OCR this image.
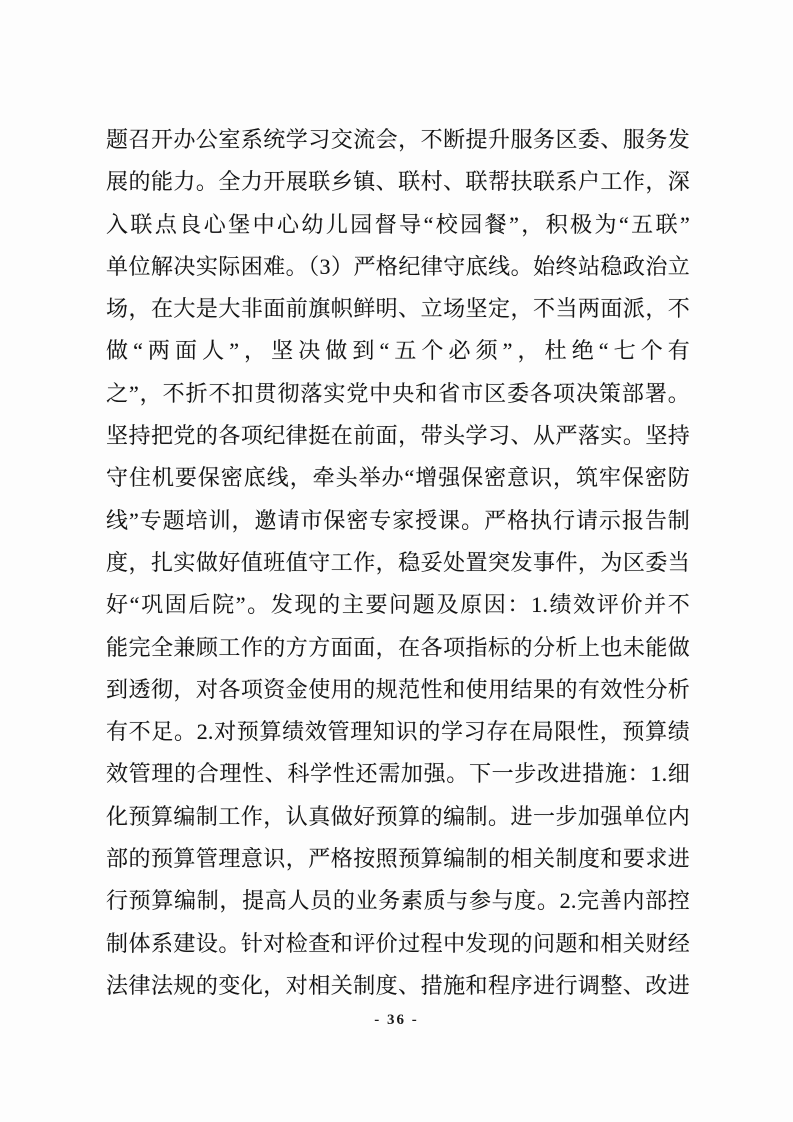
题召开办公室系统学习交流会，不断提升服务区委、服务发
展的能力。全力开展联乡镇、联村、联帮扶联系户工作，深
入联点良心堡中心幼儿园督导“校园餐”，积极为“五联”
单位解决实际困难。（3）严格纪律守底线。始终站稳政治立
场，在大是大非面前旗帜鲜明、立场坚定，不当两面派，不
做“两面人”，坚决做到“五个必须”，杜绝“七个有
之”，不折不扣贯彻落实党中央和省市区委各项决策部署。
坚持把党的各项纪律挺在前面，带头学习、从严落实。坚持
守住机要保密底线，牵头举办“增强保密意识，筑牢保密防
线”专题培训，邀请市保密专家授课。严格执行请示报告制
度，扎实做好值班值守工作，稳妥处置突发事件，为区委当
好“巩固后院”。发现的主要问题及原因：1.绩效评价并不
能完全兼顾工作的方方面面，在各项指标的分析上也未能做
到透彻，对各项资金使用的规范性和使用结果的有效性分析
有不足。2.对预算绩效管理知识的学习存在局限性，预算绩
效管理的合理性、科学性还需加强。下一步改进措施：1.细
化预算编制工作，认真做好预算的编制。进一步加强单位内
部的预算管理意识，严格按照预算编制的相关制度和要求进
行预算编制，提高人员的业务素质与参与度。2.完善内部控
制体系建设。针对检查和评价过程中发现的问题和相关财经
法律法规的变化，对相关制度、措施和程序进行调整、改进
- 36 -
